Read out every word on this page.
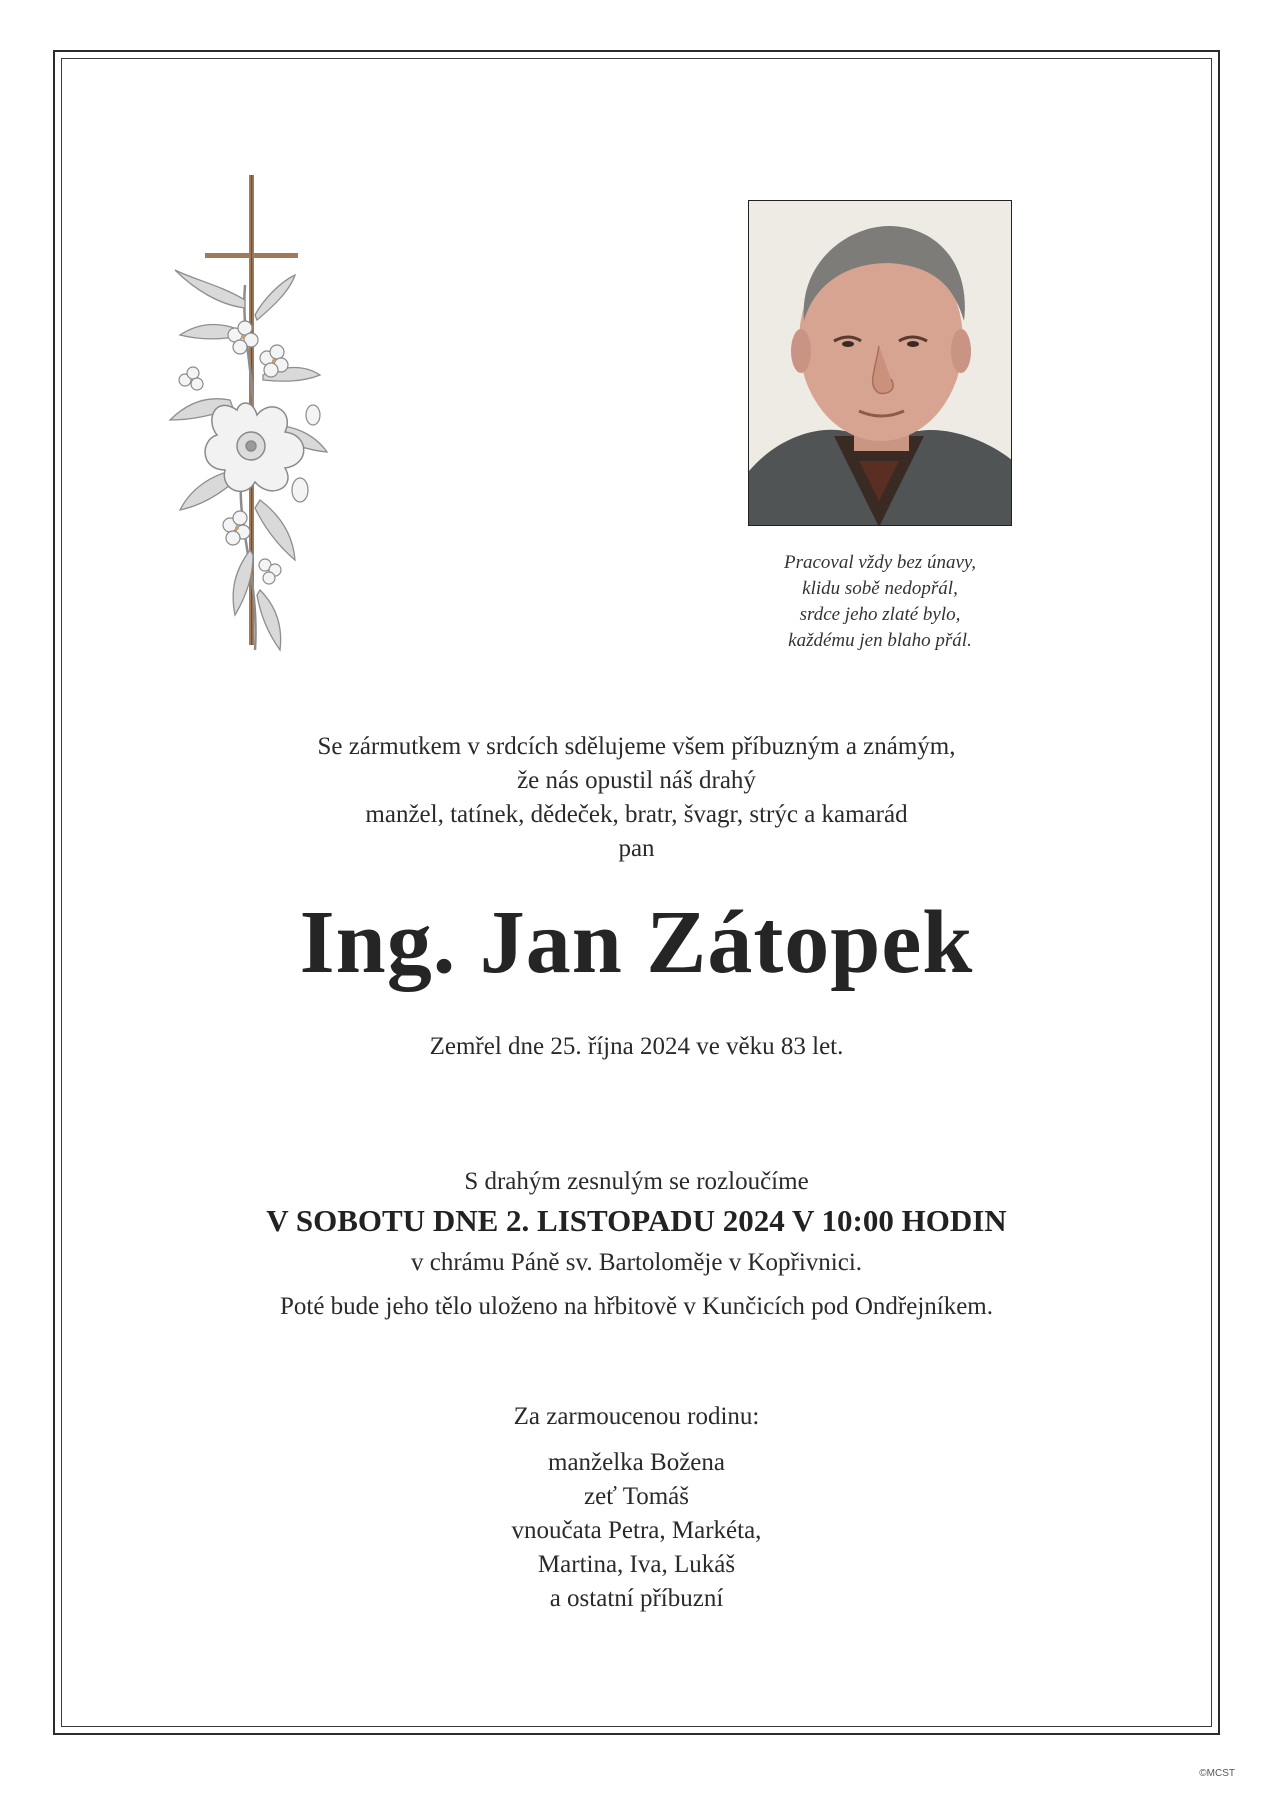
Pracoval vždy bez únavy,
klidu sobě nedopřál,
srdce jeho zlaté bylo,
každému jen blaho přál.
Se zármutkem v srdcích sdělujeme všem příbuzným a známým,
že nás opustil náš drahý
manžel, tatínek, dědeček, bratr, švagr, strýc a kamarád
pan
Ing. Jan Zátopek
Zemřel dne 25. října 2024 ve věku 83 let.
S drahým zesnulým se rozloučíme
V SOBOTU DNE 2. LISTOPADU 2024 V 10:00 HODIN
v chrámu Páně sv. Bartoloměje v Kopřivnici.
Poté bude jeho tělo uloženo na hřbitově v Kunčicích pod Ondřejníkem.
Za zarmoucenou rodinu:
manželka Božena
zeť Tomáš
vnoučata Petra, Markéta,
Martina, Iva, Lukáš
a ostatní příbuzní
©MCST
